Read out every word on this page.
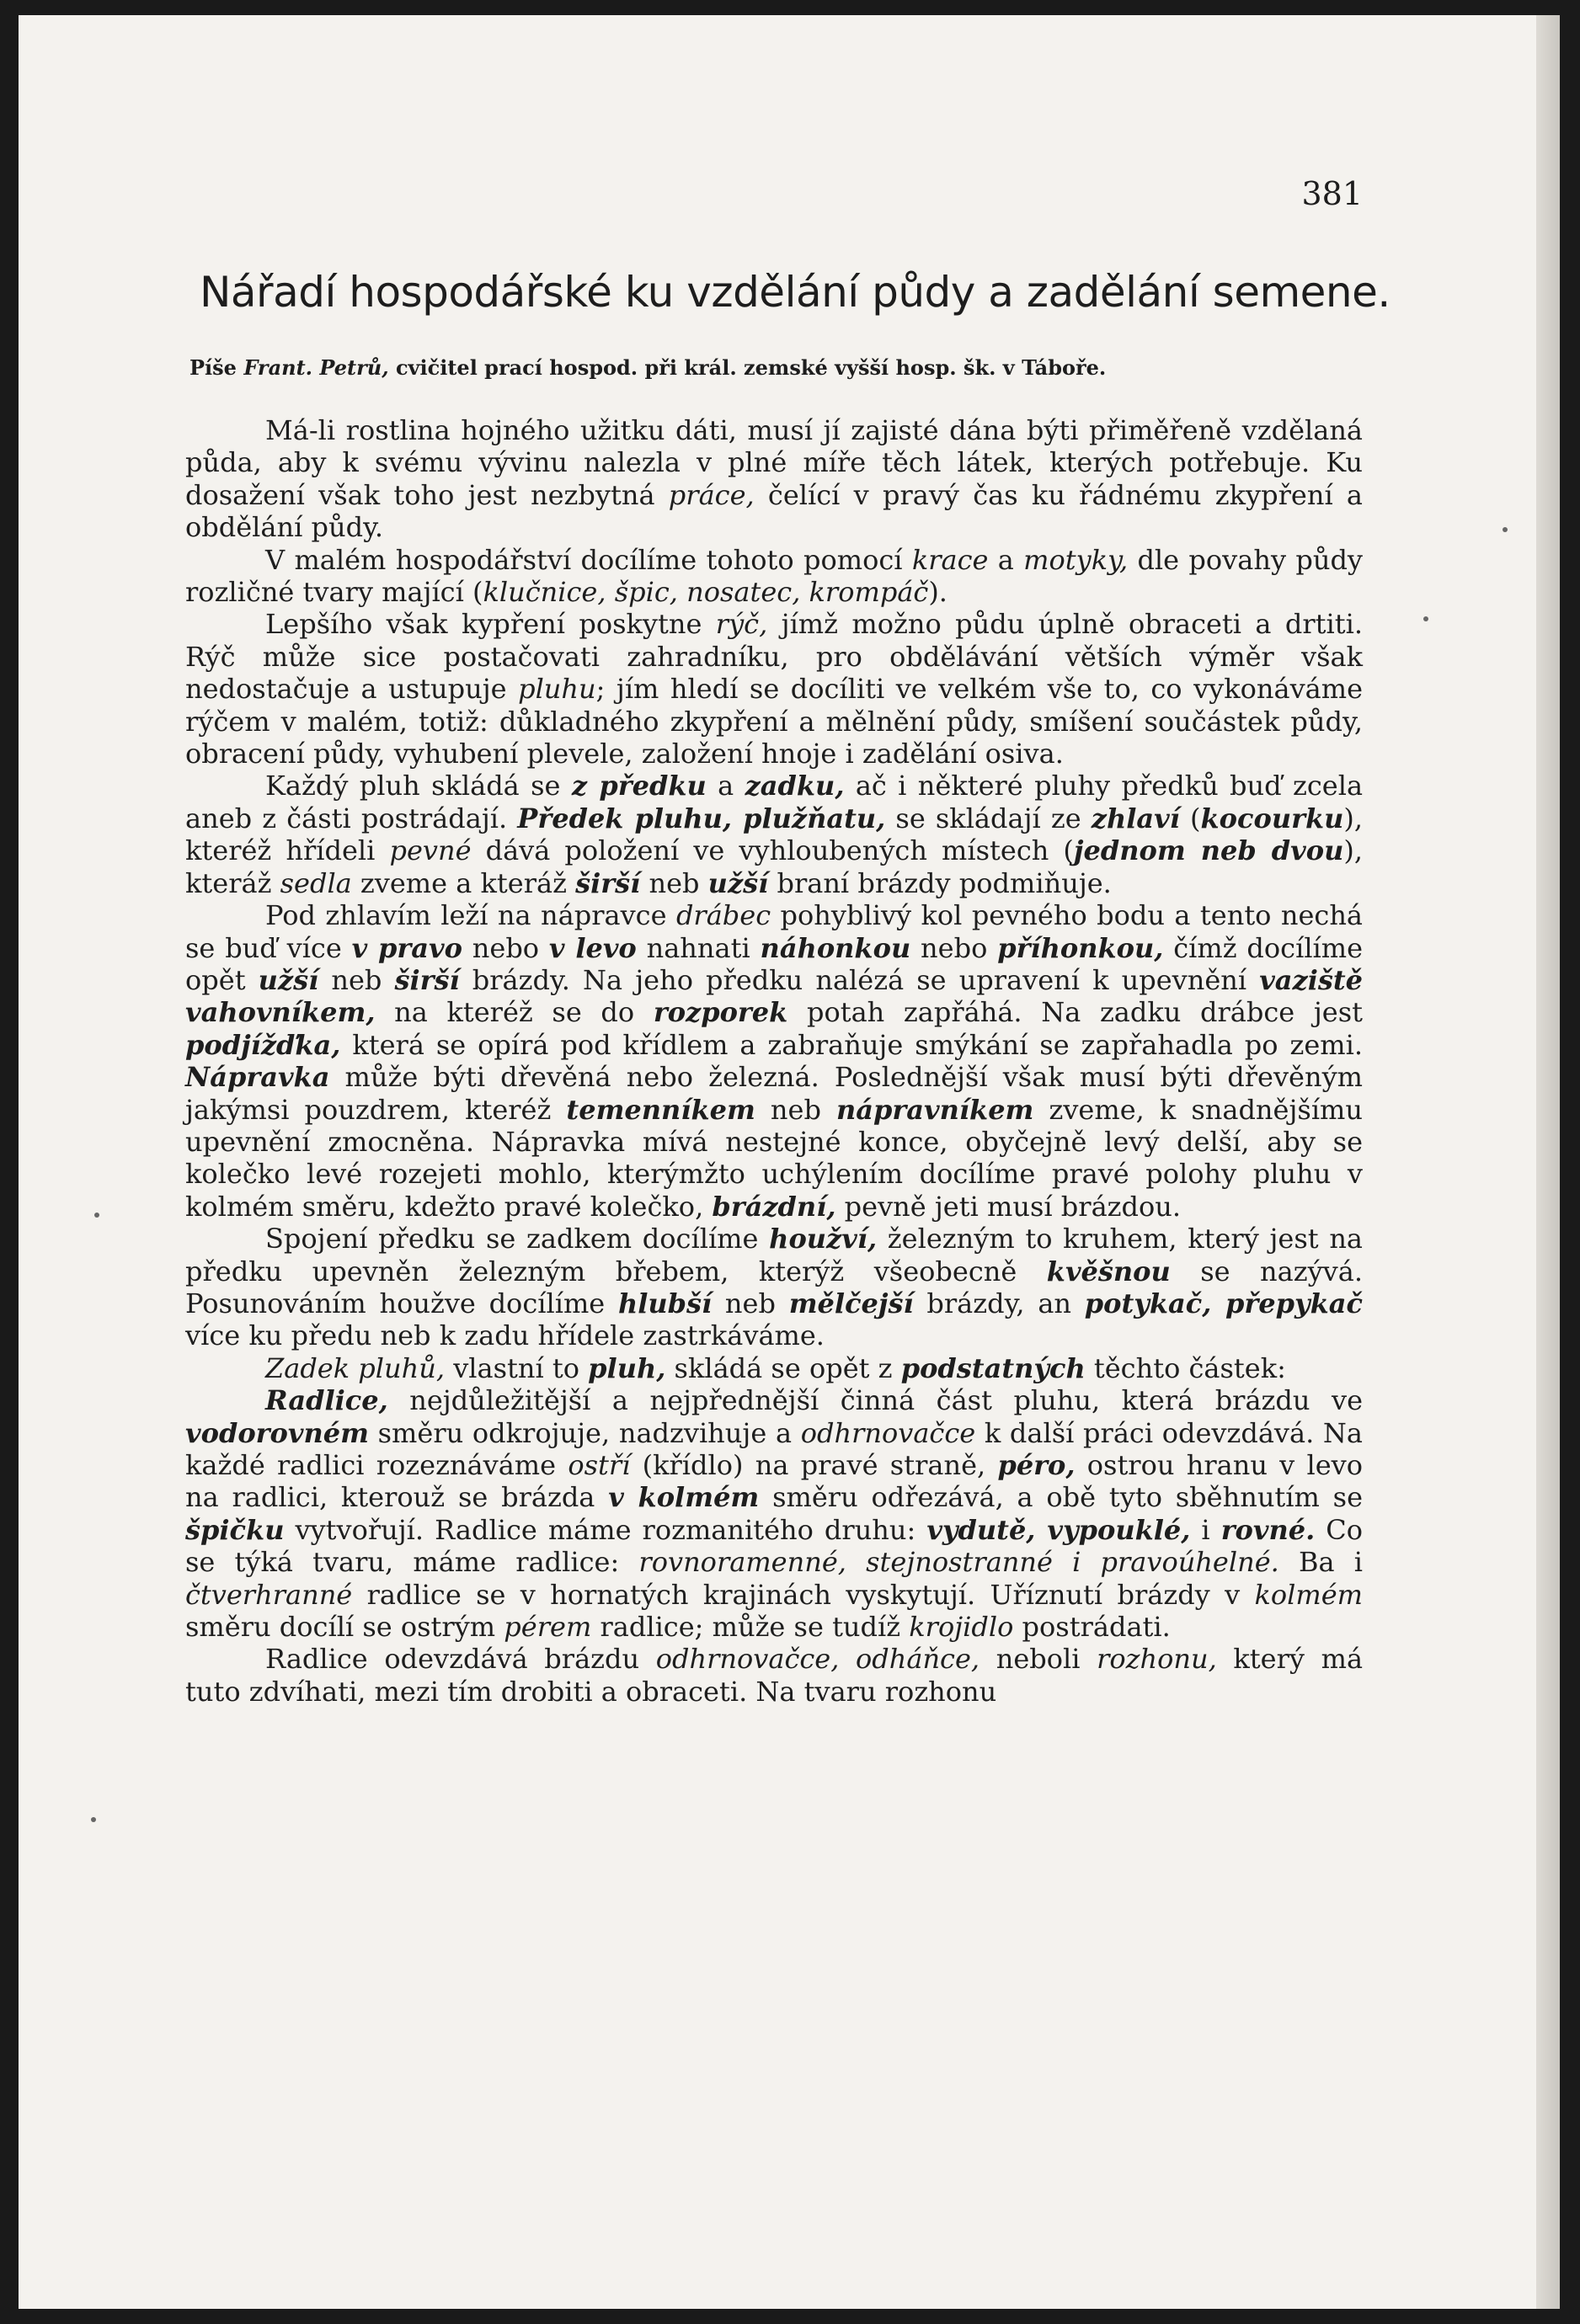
381
Nářadí hospodářské ku vzdělání půdy a zadělání semene.
Píše Frant. Petrů, cvičitel prací hospod. při král. zemské vyšší hosp. šk. v Táboře.

Má-li rostlina hojného užitku dáti, musí jí zajisté dána býti přiměřeně vzdělaná půda, aby k svému vývinu nalezla v plné míře těch látek, kterých potřebuje. Ku dosažení však toho jest nezbytná práce, čelící v pravý čas ku řádnému zkypření a obdělání půdy.

V malém hospodářství docílíme tohoto pomocí krace a motyky, dle povahy půdy rozličné tvary mající (klučnice, špic, nosatec, krompáč).

Lepšího však kypření poskytne rýč, jímž možno půdu úplně obraceti a drtiti. Rýč může sice postačovati zahradníku, pro obdělávání větších výměr však nedostačuje a ustupuje pluhu; jím hledí se docíliti ve velkém vše to, co vykonáváme rýčem v malém, totiž: důkladného zkypření a mělnění půdy, smíšení součástek půdy, obracení půdy, vyhubení plevele, založení hnoje i zadělání osiva.

Každý pluh skládá se z předku a zadku, ač i některé pluhy předků buď zcela aneb z části postrádají. Předek pluhu, plužňatu, se skládají ze zhlaví (kocourku), kteréž hřídeli pevné dává položení ve vyhloubených místech (jednom neb dvou), kteráž sedla zveme a kteráž širší neb užší braní brázdy podmiňuje.

Pod zhlavím leží na nápravce drábec pohyblivý kol pevného bodu a tento nechá se buď více v pravo nebo v levo nahnati náhonkou nebo příhonkou, čímž docílíme opět užší neb širší brázdy. Na jeho předku nalézá se upravení k upevnění vaziště vahovníkem, na kteréž se do rozporek potah zapřáhá. Na zadku drábce jest podjížďka, která se opírá pod křídlem a zabraňuje smýkání se zapřahadla po zemi. Nápravka může býti dřevěná nebo železná. Poslednější však musí býti dřevěným jakýmsi pouzdrem, kteréž temenníkem neb nápravníkem zveme, k snadnějšímu upevnění zmocněna. Nápravka mívá nestejné konce, obyčejně levý delší, aby se kolečko levé rozejeti mohlo, kterýmžto uchýlením docílíme pravé polohy pluhu v kolmém směru, kdežto pravé kolečko, brázdní, pevně jeti musí brázdou.

Spojení předku se zadkem docílíme houžví, železným to kruhem, který jest na předku upevněn železným břebem, kterýž všeobecně kvěšnou se nazývá. Posunováním houžve docílíme hlubší neb mělčejší brázdy, an potykač, přepykač více ku předu neb k zadu hřídele zastrkáváme.

Zadek pluhů, vlastní to pluh, skládá se opět z podstatných těchto částek:

Radlice, nejdůležitější a nejpřednější činná část pluhu, která brázdu ve vodorovném směru odkrojuje, nadzvihuje a odhrnovačce k další práci odevzdává. Na každé radlici rozeznáváme ostří (křídlo) na pravé straně, péro, ostrou hranu v levo na radlici, kterouž se brázda v kolmém směru odřezává, a obě tyto sběhnutím se špičku vytvořují. Radlice máme rozmanitého druhu: vydutě, vypouklé, i rovné. Co se týká tvaru, máme radlice: rovnoramenné, stejnostranné i pravoúhelné. Ba i čtverhranné radlice se v hornatých krajinách vyskytují. Uříznutí brázdy v kolmém směru docílí se ostrým pérem radlice; může se tudíž krojidlo postrádati.

Radlice odevzdává brázdu odhrnovačce, odháňce, neboli rozhonu, který má tuto zdvíhati, mezi tím drobiti a obraceti. Na tvaru rozhonu
